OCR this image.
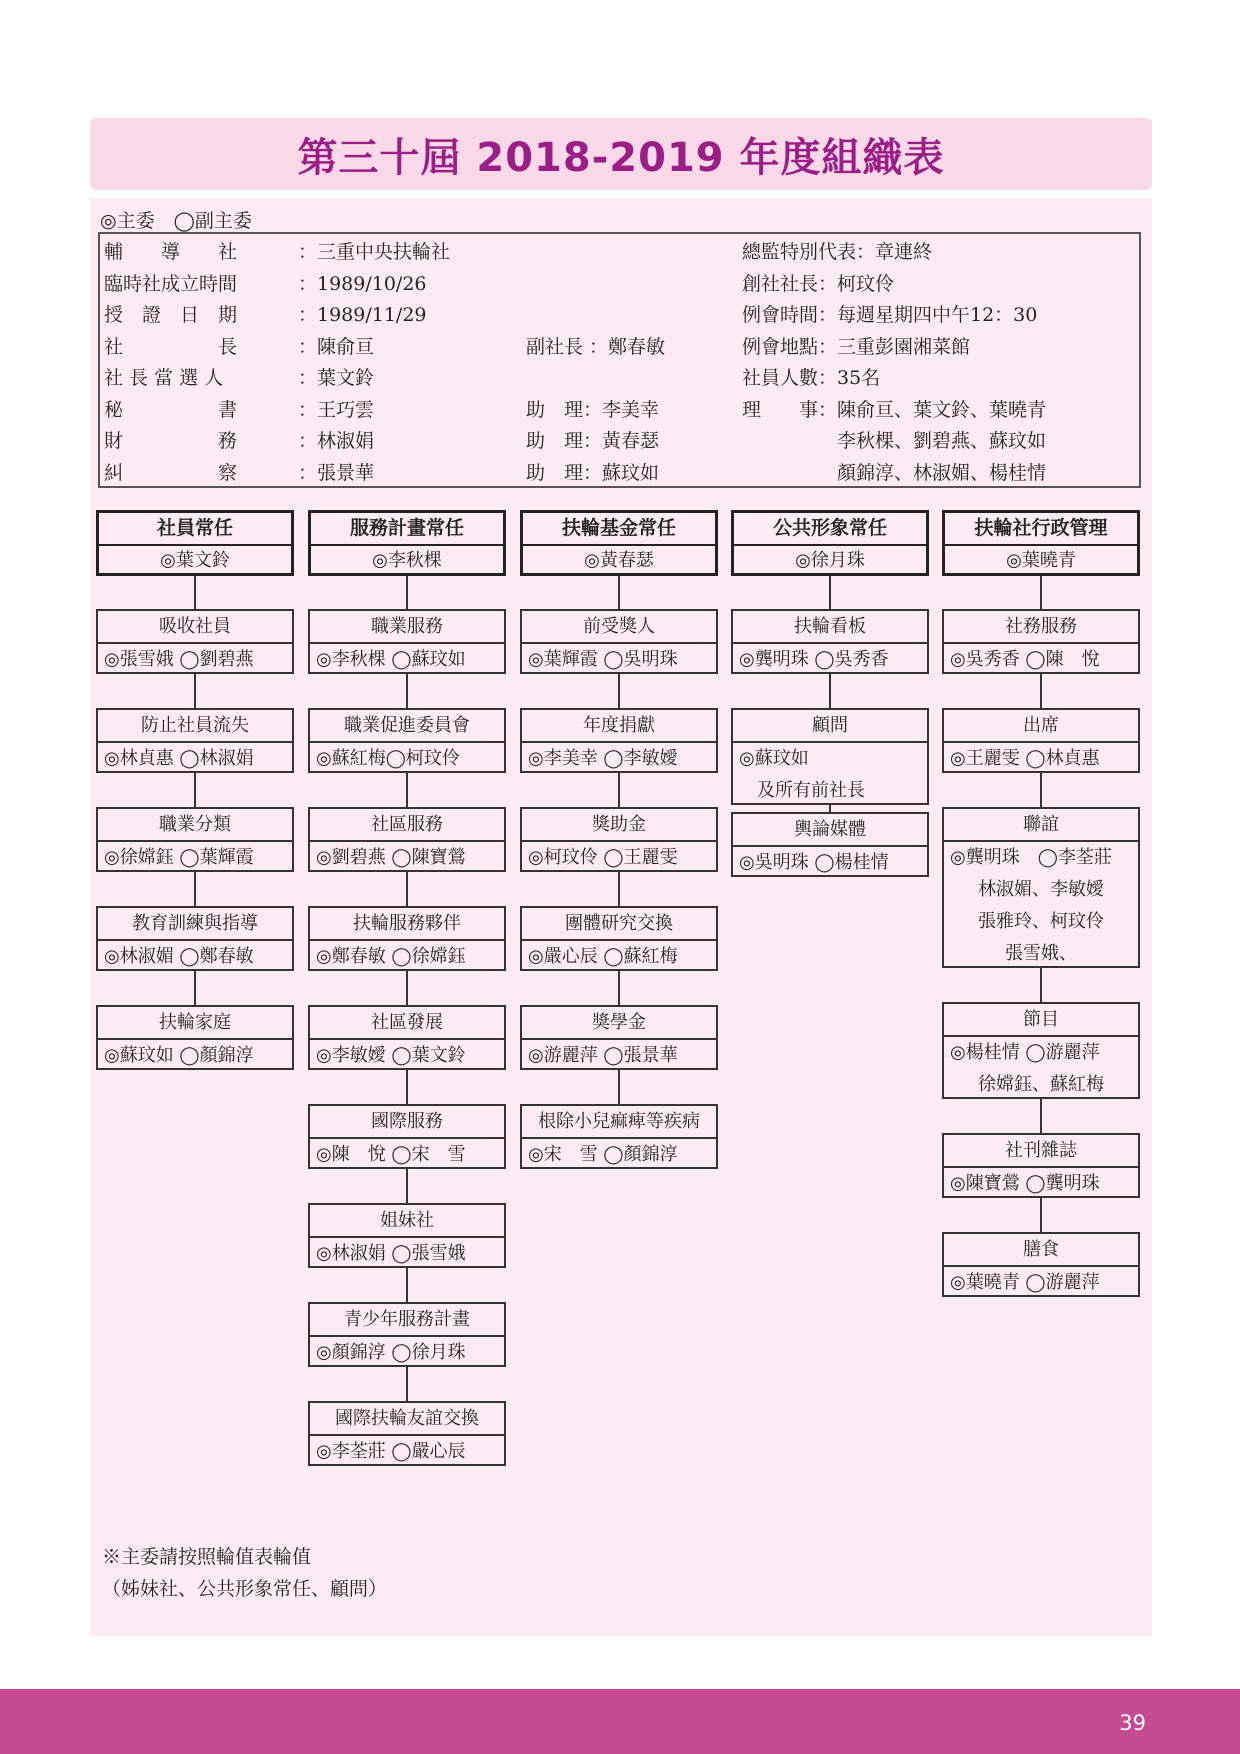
第三十屆 2018-2019 年度組織表
◎主委　◯副主委
輔　　導　　社	：三重中央扶輪社	總監特別代表：章連終
臨時社成立時間	：1989/10/26	創社社長：柯玟伶
授　證　日　期	：1989/11/29	例會時間：每週星期四中午12：30
社　　　　　長	：陳俞亘	副社長 ：鄭春敏	例會地點：三重彭園湘菜館
社 長 當 選 人	：葉文鈴	社員人數：35名
秘　　　　　書	：王巧雲	助　理：李美幸	理　　事：陳俞亘、葉文鈴、葉曉青
財　　　　　務	：林淑娟	助　理：黃春瑟	　　　　　李秋棵、劉碧燕、蘇玟如
糾　　　　　察	：張景華	助　理：蘇玟如	　　　　　顏錦淳、林淑媚、楊桂情
社員常任
◎葉文鈴
吸收社員
◎張雪娥 ◯劉碧燕
防止社員流失
◎林貞惠 ◯林淑娟
職業分類
◎徐嫦鈺 ◯葉輝霞
教育訓練與指導
◎林淑媚 ◯鄭春敏
扶輪家庭
◎蘇玟如 ◯顏錦淳
服務計畫常任
◎李秋棵
職業服務
◎李秋棵 ◯蘇玟如
職業促進委員會
◎蘇紅梅◯柯玟伶
社區服務
◎劉碧燕 ◯陳寶鶯
扶輪服務夥伴
◎鄭春敏 ◯徐嫦鈺
社區發展
◎李敏嬡 ◯葉文鈴
國際服務
◎陳　悅 ◯宋　雪
姐妹社
◎林淑娟 ◯張雪娥
青少年服務計畫
◎顏錦淳 ◯徐月珠
國際扶輪友誼交換
◎李荃莊 ◯嚴心辰
扶輪基金常任
◎黃春瑟
前受獎人
◎葉輝霞 ◯吳明珠
年度捐獻
◎李美幸 ◯李敏嬡
獎助金
◎柯玟伶 ◯王麗雯
團體研究交換
◎嚴心辰 ◯蘇紅梅
獎學金
◎游麗萍 ◯張景華
根除小兒痲痺等疾病
◎宋　雪 ◯顏錦淳
公共形象常任
◎徐月珠
扶輪看板
◎龔明珠 ◯吳秀香
顧問
◎蘇玟如
　及所有前社長
輿論媒體
◎吳明珠 ◯楊桂情
扶輪社行政管理
◎葉曉青
社務服務
◎吳秀香 ◯陳　悅
出席
◎王麗雯 ◯林貞惠
聯誼
◎龔明珠　◯李荃莊
林淑媚、李敏嬡
張雅玲、柯玟伶
張雪娥、
節目
◎楊桂情 ◯游麗萍
徐嫦鈺、蘇紅梅
社刊雜誌
◎陳寶鶯 ◯龔明珠
膳食
◎葉曉青 ◯游麗萍
※主委請按照輪值表輪值
（姊妹社、公共形象常任、顧問）
39
